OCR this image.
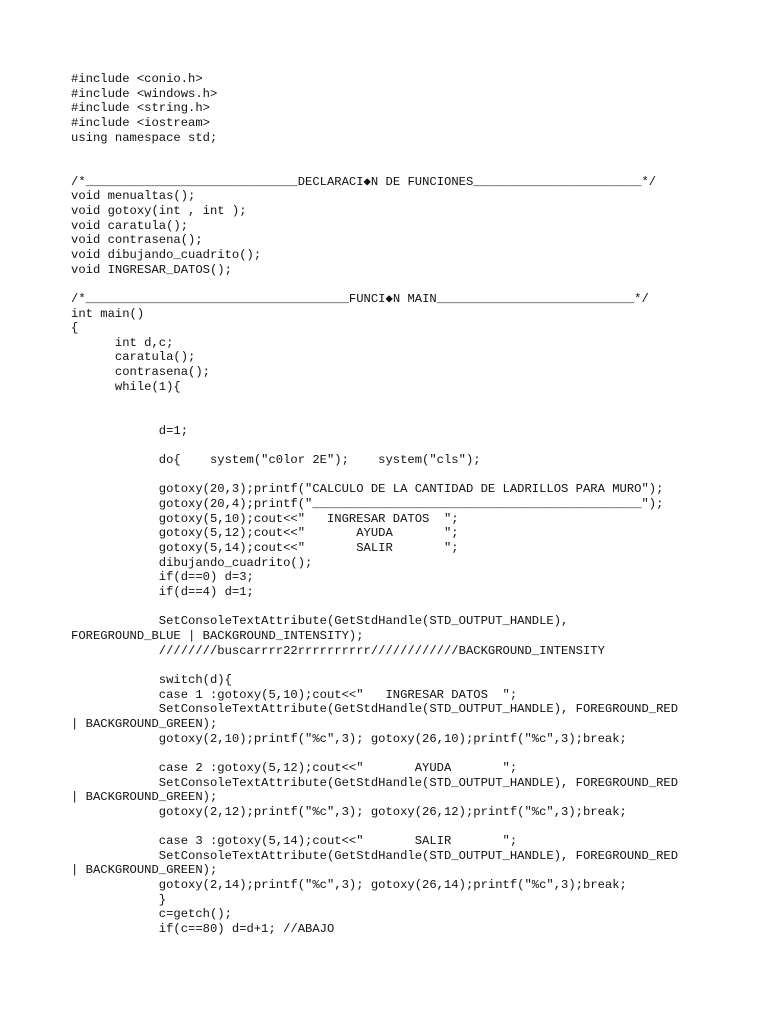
#include <conio.h>
#include <windows.h>
#include <string.h>
#include <iostream>
using namespace std;
/*_____________________________DECLARACI◆N DE FUNCIONES_______________________*/
void menualtas();
void gotoxy(int , int );
void caratula();
void contrasena();
void dibujando_cuadrito();
void INGRESAR_DATOS();
/*____________________________________FUNCI◆N MAIN___________________________*/
int main()
{
int d,c;
caratula();
contrasena();
while(1){
d=1;
do{    system("c0lor 2E");    system("cls");
gotoxy(20,3);printf("CALCULO DE LA CANTIDAD DE LADRILLOS PARA MURO");
gotoxy(20,4);printf("_____________________________________________");
gotoxy(5,10);cout<<"   INGRESAR DATOS  ";
gotoxy(5,12);cout<<"       AYUDA       ";
gotoxy(5,14);cout<<"       SALIR       ";
dibujando_cuadrito();
if(d==0) d=3;
if(d==4) d=1;
SetConsoleTextAttribute(GetStdHandle(STD_OUTPUT_HANDLE),
FOREGROUND_BLUE | BACKGROUND_INTENSITY);
////////buscarrrr22rrrrrrrrrr////////////BACKGROUND_INTENSITY
switch(d){
case 1 :gotoxy(5,10);cout<<"   INGRESAR DATOS  ";
SetConsoleTextAttribute(GetStdHandle(STD_OUTPUT_HANDLE), FOREGROUND_RED
| BACKGROUND_GREEN);
gotoxy(2,10);printf("%c",3); gotoxy(26,10);printf("%c",3);break;
case 2 :gotoxy(5,12);cout<<"       AYUDA       ";
SetConsoleTextAttribute(GetStdHandle(STD_OUTPUT_HANDLE), FOREGROUND_RED
| BACKGROUND_GREEN);
gotoxy(2,12);printf("%c",3); gotoxy(26,12);printf("%c",3);break;
case 3 :gotoxy(5,14);cout<<"       SALIR       ";
SetConsoleTextAttribute(GetStdHandle(STD_OUTPUT_HANDLE), FOREGROUND_RED
| BACKGROUND_GREEN);
gotoxy(2,14);printf("%c",3); gotoxy(26,14);printf("%c",3);break;
}
c=getch();
if(c==80) d=d+1; //ABAJO
